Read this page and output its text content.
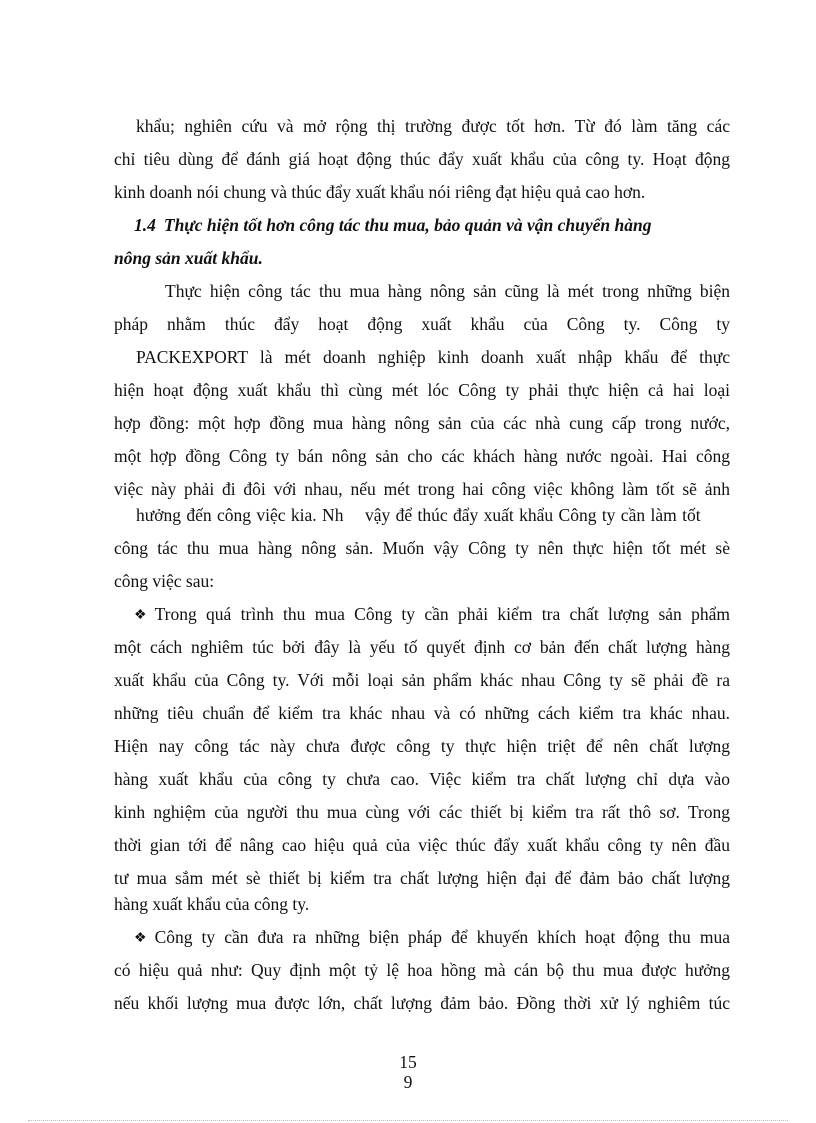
khẩu; nghiên cứu và mở rộng thị trường được tốt hơn. Từ đó làm tăng các
chỉ tiêu dùng để đánh giá hoạt động thúc đẩy xuất khẩu của công ty. Hoạt động
kinh doanh nói chung và thúc đẩy xuất khẩu nói riêng đạt hiệu quả cao hơn.
1.4 Thực hiện tốt hơn công tác thu mua, bảo quản và vận chuyển hàng
nông sản xuất khẩu.
Thực hiện công tác thu mua hàng nông sản cũng là mét trong những biện
pháp nhằm thúc đẩy hoạt động xuất khẩu của Công ty. Công ty
PACKEXPORT là mét doanh nghiệp kinh doanh xuất nhập khẩu để thực
hiện hoạt động xuất khẩu thì cùng mét lóc Công ty phải thực hiện cả hai loại
hợp đồng: một hợp đồng mua hàng nông sản của các nhà cung cấp trong nước,
một hợp đồng Công ty bán nông sản cho các khách hàng nước ngoài. Hai công
việc này phải đi đôi với nhau, nếu mét trong hai công việc không làm tốt sẽ ảnh
hưởng đến công việc kia. Nh    vậy để thúc đẩy xuất khẩu Công ty cần làm tốt
công tác thu mua hàng nông sản. Muốn vậy Công ty nên thực hiện tốt mét sè
công việc sau:
❖ Trong quá trình thu mua Công ty cần phải kiểm tra chất lượng sản phẩm
một cách nghiêm túc bởi đây là yếu tố quyết định cơ bản đến chất lượng hàng
xuất khẩu của Công ty. Với mỗi loại sản phẩm khác nhau Công ty sẽ phải đề ra
những tiêu chuẩn để kiểm tra khác nhau và có những cách kiểm tra khác nhau.
Hiện nay công tác này chưa được công ty thực hiện triệt để nên chất lượng
hàng xuất khẩu của công ty chưa cao. Việc kiểm tra chất lượng chỉ dựa vào
kinh nghiệm của người thu mua cùng với các thiết bị kiểm tra rất thô sơ. Trong
thời gian tới để nâng cao hiệu quả của việc thúc đẩy xuất khẩu công ty nên đầu
tư mua sắm mét sè thiết bị kiểm tra chất lượng hiện đại để đảm bảo chất lượng
hàng xuất khẩu của công ty.
❖ Công ty cần đưa ra những biện pháp để khuyến khích hoạt động thu mua
có hiệu quả như: Quy định một tỷ lệ hoa hồng mà cán bộ thu mua được hưởng
nếu khối lượng mua được lớn, chất lượng đảm bảo. Đồng thời xử lý nghiêm túc
15
9
